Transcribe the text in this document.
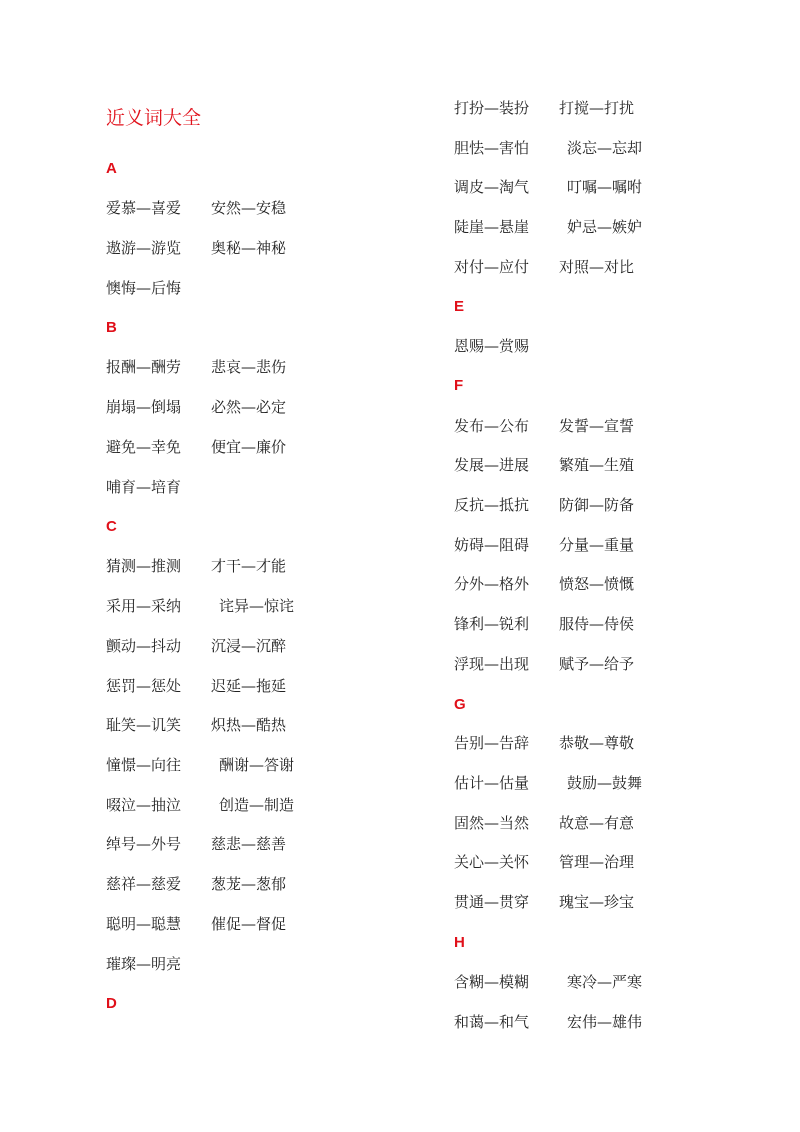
近义词大全
A
爱慕—喜爱 安然—安稳
遨游—游览 奥秘—神秘
懊悔—后悔
B
报酬—酬劳 悲哀—悲伤
崩塌—倒塌 必然—必定
避免—幸免 便宜—廉价
哺育—培育
C
猜测—推测 才干—才能
采用—采纳	诧异—惊诧
颤动—抖动 沉浸—沉醉
惩罚—惩处 迟延—拖延
耻笑—讥笑 炽热—酷热
憧憬—向往	酬谢—答谢
啜泣—抽泣	创造—制造
绰号—外号 慈悲—慈善
慈祥—慈爱 葱茏—葱郁
聪明—聪慧 催促—督促
璀璨—明亮
D
打扮—装扮 打搅—打扰
胆怯—害怕	淡忘—忘却
调皮—淘气	叮嘱—嘱咐
陡崖—悬崖	妒忌—嫉妒
对付—应付 对照—对比
E
恩赐—赏赐
F
发布—公布 发誓—宣誓
发展—进展 繁殖—生殖
反抗—抵抗 防御—防备
妨碍—阻碍 分量—重量
分外—格外 愤怒—愤慨
锋利—锐利 服侍—侍侯
浮现—出现 赋予—给予
G
告别—告辞 恭敬—尊敬
估计—估量	鼓励—鼓舞
固然—当然 故意—有意
关心—关怀 管理—治理
贯通—贯穿 瑰宝—珍宝
H
含糊—模糊	寒冷—严寒
和蔼—和气	宏伟—雄伟
